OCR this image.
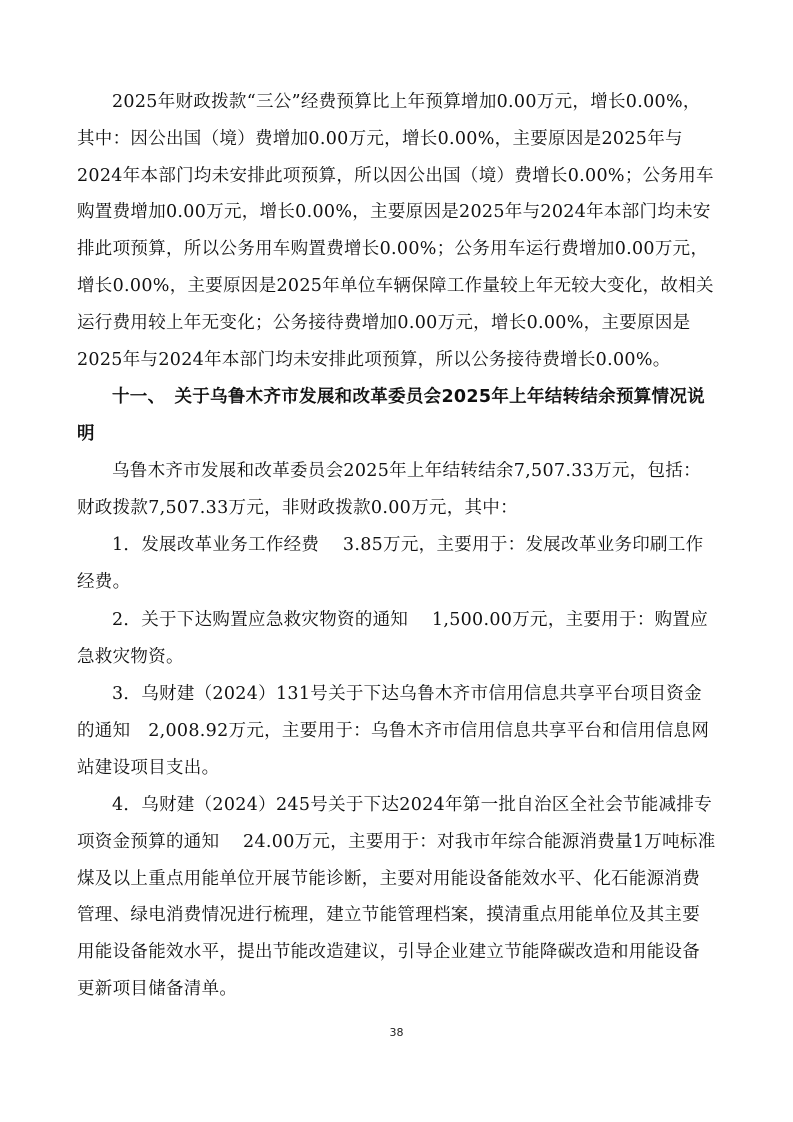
2025年财政拨款“三公”经费预算比上年预算增加0.00万元，增长0.00%，其中：因公出国（境）费增加0.00万元，增长0.00%，主要原因是2025年与2024年本部门均未安排此项预算，所以因公出国（境）费增长0.00%；公务用车购置费增加0.00万元，增长0.00%，主要原因是2025年与2024年本部门均未安排此项预算，所以公务用车购置费增长0.00%；公务用车运行费增加0.00万元，增长0.00%，主要原因是2025年单位车辆保障工作量较上年无较大变化，故相关运行费用较上年无变化；公务接待费增加0.00万元，增长0.00%，主要原因是2025年与2024年本部门均未安排此项预算，所以公务接待费增长0.00%。

十一、　关于乌鲁木齐市发展和改革委员会2025年上年结转结余预算情况说明

乌鲁木齐市发展和改革委员会2025年上年结转结余7,507.33万元，包括：财政拨款7,507.33万元，非财政拨款0.00万元，其中：

1．发展改革业务工作经费　 3.85万元，主要用于：发展改革业务印刷工作经费。

2．关于下达购置应急救灾物资的通知　 1,500.00万元，主要用于：购置应急救灾物资。

3．乌财建（2024）131号关于下达乌鲁木齐市信用信息共享平台项目资金的通知　2,008.92万元，主要用于：乌鲁木齐市信用信息共享平台和信用信息网站建设项目支出。

4．乌财建（2024）245号关于下达2024年第一批自治区全社会节能减排专项资金预算的通知　 24.00万元，主要用于：对我市年综合能源消费量1万吨标准煤及以上重点用能单位开展节能诊断，主要对用能设备能效水平、化石能源消费管理、绿电消费情况进行梳理，建立节能管理档案，摸清重点用能单位及其主要用能设备能效水平，提出节能改造建议，引导企业建立节能降碳改造和用能设备更新项目储备清单。

38
